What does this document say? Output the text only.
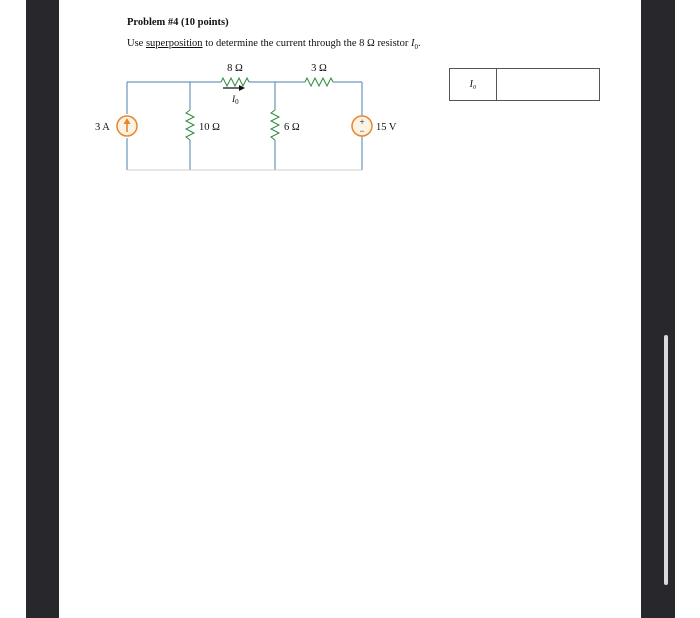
Problem #4 (10 points)
Use superposition to determine the current through the 8 Ω resistor $I_0$.
+
−
3 A	10 Ω
8 Ω
6 Ω
3 Ω
15 V
$I_0$
I₀
